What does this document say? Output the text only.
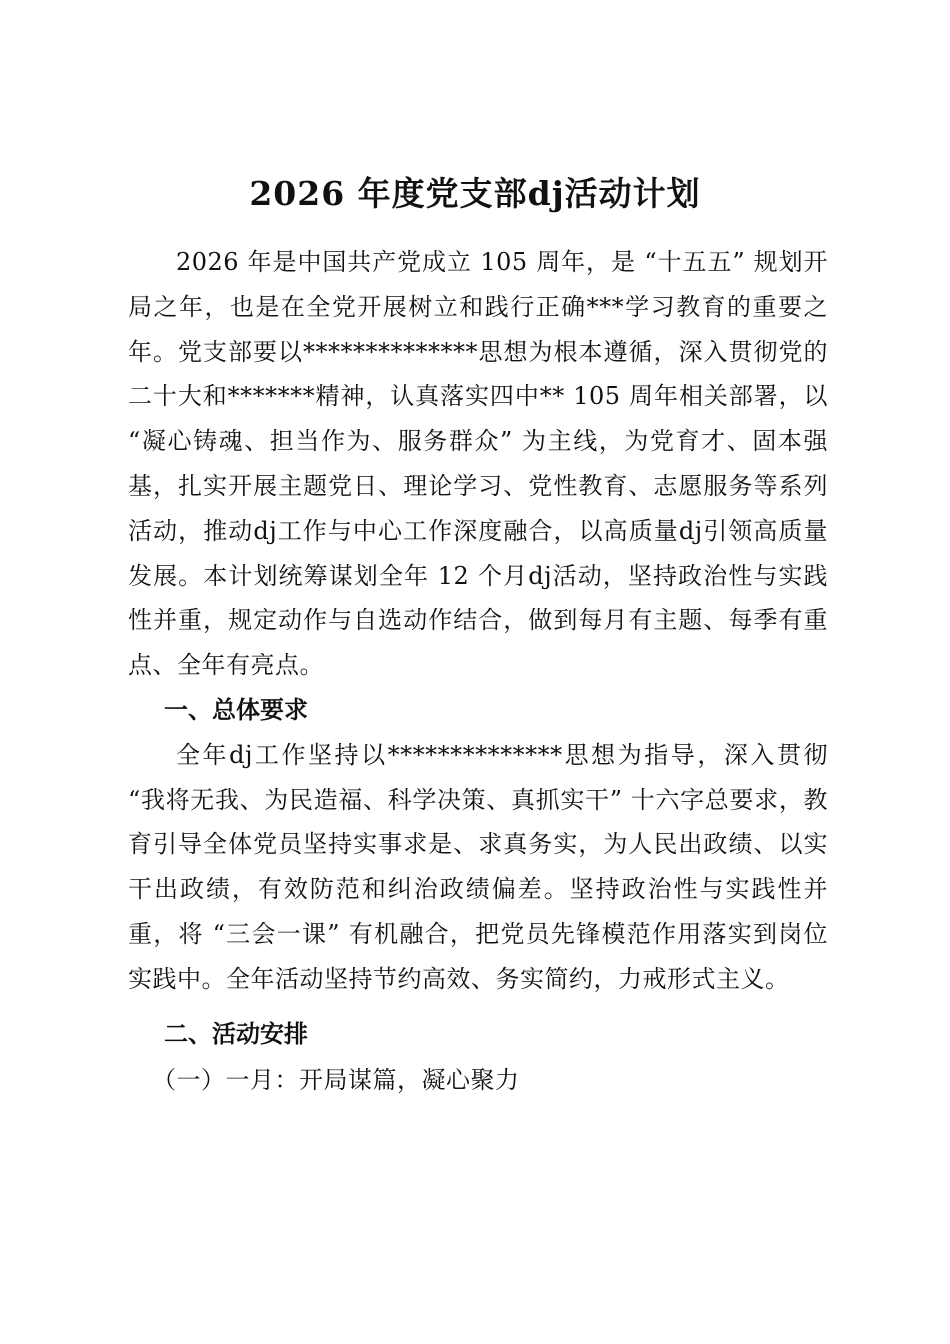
2026 年度党支部dj活动计划

2026 年是中国共产党成立 105 周年，是 “十五五” 规划开局之年，也是在全党开展树立和践行正确***学习教育的重要之年。党支部要以**************思想为根本遵循，深入贯彻党的二十大和*******精神，认真落实四中** 105 周年相关部署，以 “凝心铸魂、担当作为、服务群众” 为主线，为党育才、固本强基，扎实开展主题党日、理论学习、党性教育、志愿服务等系列活动，推动dj工作与中心工作深度融合，以高质量dj引领高质量发展。本计划统筹谋划全年 12 个月dj活动，坚持政治性与实践性并重，规定动作与自选动作结合，做到每月有主题、每季有重点、全年有亮点。

一、总体要求

全年dj工作坚持以**************思想为指导，深入贯彻 “我将无我、为民造福、科学决策、真抓实干” 十六字总要求，教育引导全体党员坚持实事求是、求真务实，为人民出政绩、以实干出政绩，有效防范和纠治政绩偏差。坚持政治性与实践性并重，将 “三会一课” 有机融合，把党员先锋模范作用落实到岗位实践中。全年活动坚持节约高效、务实简约，力戒形式主义。

二、活动安排

（一）一月：开局谋篇，凝心聚力
